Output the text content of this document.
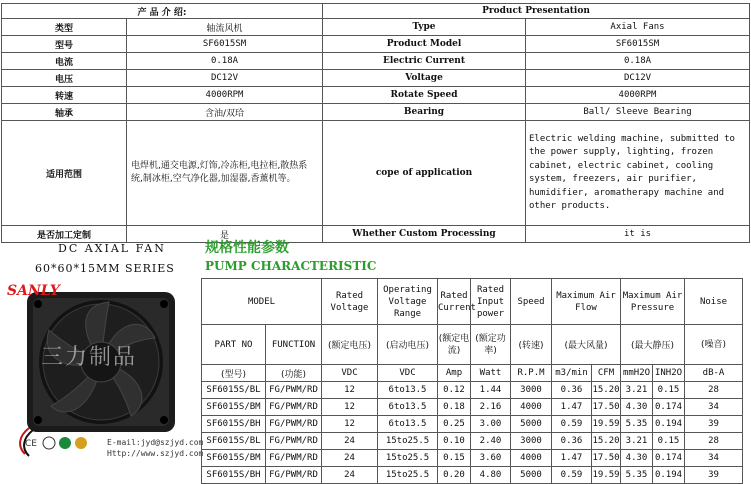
产 品 介 绍:		Product Presentation	
类型	轴流风机	Type	Axial Fans
型号	SF6015SM	Product Model	SF6015SM
电流	0.18A	Electric Current	0.18A
电压	DC12V	Voltage	DC12V
转速	4000RPM	Rotate Speed	4000RPM
轴承	含油/双珨	Bearing	Ball/ Sleeve Bearing
适用范围	电焊机,通交电源,灯饰,冷冻柜,电拉柜,散热系统,制冰柜,空气净化器,加湿器,香薰机等。	cope of application	Electric welding machine, submitted to the power supply, lighting, frozen cabinet, electric cabinet, cooling system, freezers, air purifier, humidifier, aromatherapy machine and other products.
是否加工定制	是	Whether Custom Processing	it is
DC AXIAL FAN
60*60*15MM SERIES
规格性能参数
PUMP CHARACTERISTIC
CE
SANLY
三力制品
E-mail:jyd@szjyd.com
Http://www.szjyd.com
MODEL		Rated Voltage	Operating Voltage Range	Rated Current	Rated Input power	Speed	Maximum Air Flow		Maximum Air Pressure		Noise
PART NO	FUNCTION	(额定电压)	(启动电压)	(额定电流)	(额定功率)	(转速)	(最大风量)		(最大静压)		(噪音)
(型号)	(功能)	VDC	VDC	Amp	Watt	R.P.M	m3/min	CFM	mmH2O	INH2O	dB-A
SF6015S/BL	FG/PWM/RD	12	6to13.5	0.12	1.44	3000	0.36	15.20	3.21	0.15	28
SF6015S/BM	FG/PWM/RD	12	6to13.5	0.18	2.16	4000	1.47	17.50	4.30	0.174	34
SF6015S/BH	FG/PWM/RD	12	6to13.5	0.25	3.00	5000	0.59	19.59	5.35	0.194	39
SF6015S/BL	FG/PWM/RD	24	15to25.5	0.10	2.40	3000	0.36	15.20	3.21	0.15	28
SF6015S/BM	FG/PWM/RD	24	15to25.5	0.15	3.60	4000	1.47	17.50	4.30	0.174	34
SF6015S/BH	FG/PWM/RD	24	15to25.5	0.20	4.80	5000	0.59	19.59	5.35	0.194	39
